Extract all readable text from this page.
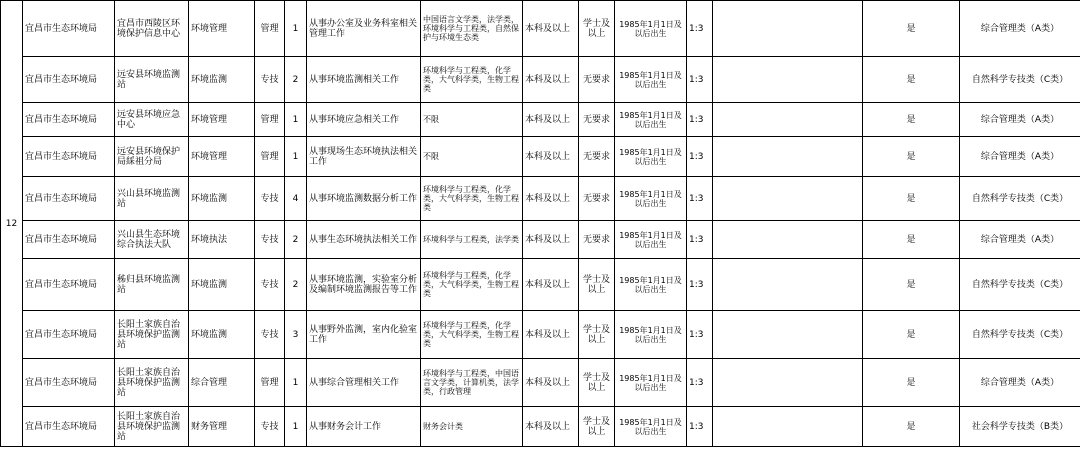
12	宜昌市生态环境局	宜昌市西陵区环境保护信息中心	环境管理	管理	1	从事办公室及业务科室相关管理工作	中国语言文学类，法学类，环境科学与工程类，自然保护与环境生态类	本科及以上	学士及以上	1985年1月1日及以后出生	1:3		是	综合管理类（A类）
	宜昌市生态环境局	远安县环境监测站	环境监测	专技	2	从事环境监测相关工作	环境科学与工程类，化学类，大气科学类，生物工程类	本科及以上	无要求	1985年1月1日及以后出生	1:3		是	自然科学专技类（C类）
	宜昌市生态环境局	远安县环境应急中心	环境管理	管理	1	从事环境应急相关工作	不限	本科及以上	无要求	1985年1月1日及以后出生	1:3		是	综合管理类（A类）
	宜昌市生态环境局	远安县环境保护局綵祖分局	环境管理	管理	1	从事现场生态环境执法相关工作	不限	本科及以上	无要求	1985年1月1日及以后出生	1:3		是	综合管理类（A类）
	宜昌市生态环境局	兴山县环境监测站	环境监测	专技	4	从事环境监测数据分析工作	环境科学与工程类，化学类，大气科学类，生物工程类	本科及以上	无要求	1985年1月1日及以后出生	1:3		是	自然科学专技类（C类）
	宜昌市生态环境局	兴山县生态环境综合执法大队	环境执法	专技	2	从事生态环境执法相关工作	环境科学与工程类，法学类	本科及以上	无要求	1985年1月1日及以后出生	1:3		是	综合管理类（A类）
	宜昌市生态环境局	秭归县环境监测站	环境监测	专技	2	从事环境监测，实验室分析及编制环境监测报告等工作	环境科学与工程类，化学类，大气科学类，生物工程类	本科及以上	学士及以上	1985年1月1日及以后出生	1:3		是	自然科学专技类（C类）
	宜昌市生态环境局	长阳土家族自治县环境保护监测站	环境监测	专技	3	从事野外监测，室内化验室工作	环境科学与工程类，化学类，大气科学类，生物工程类	本科及以上	学士及以上	1985年1月1日及以后出生	1:3		是	自然科学专技类（C类）
	宜昌市生态环境局	长阳土家族自治县环境保护监测站	综合管理	管理	1	从事综合管理相关工作	环境科学与工程类，中国语言文学类，计算机类，法学类，行政管理	本科及以上	学士及以上	1985年1月1日及以后出生	1:3		是	综合管理类（A类）
	宜昌市生态环境局	长阳土家族自治县环境保护监测站	财务管理	专技	1	从事财务会计工作	财务会计类	本科及以上	学士及以上	1985年1月1日及以后出生	1:3		是	社会科学专技类（B类）
